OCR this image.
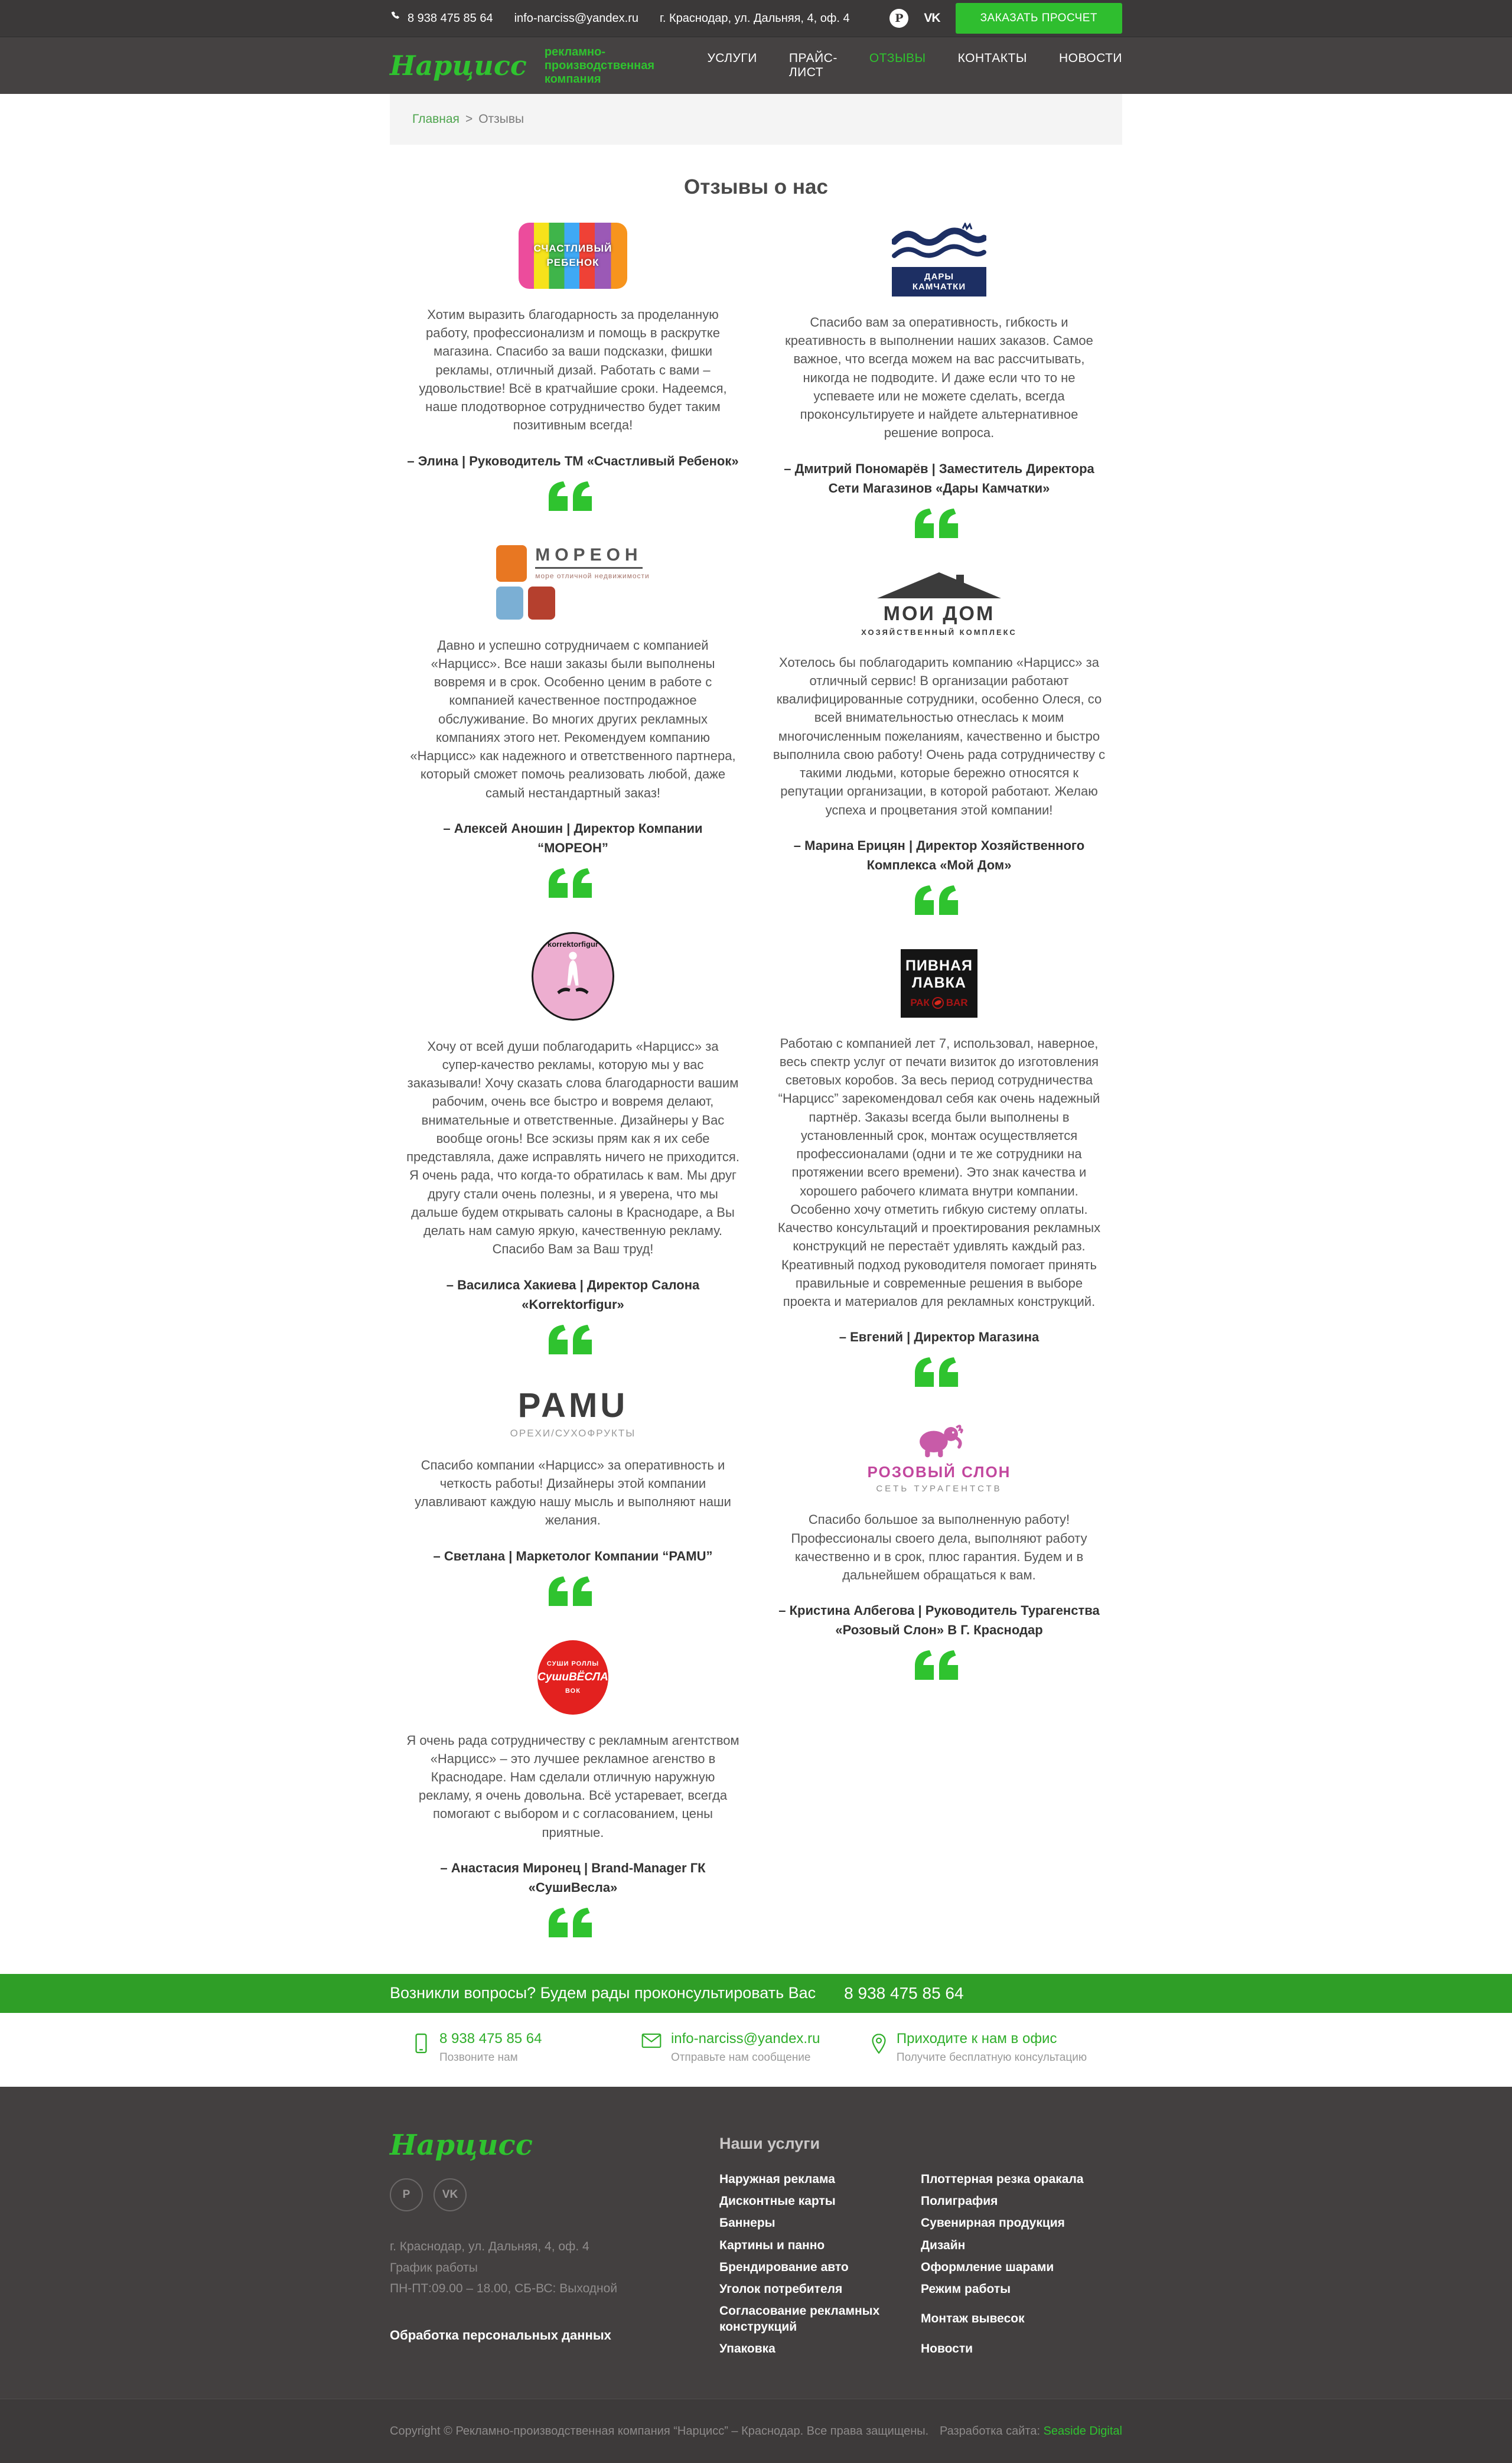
8 938 475 85 64 info-narciss@yandex.ru г. Краснодар, ул. Дальняя, 4, оф. 4	P	VK	ЗАКАЗАТЬ ПРОСЧЕТ
Нарцисс рекламно-производственная компания
УСЛУГИ	ПРАЙС-ЛИСТ
ОТЗЫВЫ	КОНТАКТЫ	НОВОСТИ
Главная > Отзывы
Отзывы о нас
СЧАСТЛИВЫЙ
РЕБЕНОК

Хотим выразить благодарность за проделанную работу, профессионализм и помощь в раскрутке магазина. Спасибо за ваши подсказки, фишки рекламы, отличный дизай. Работать с вами – удовольствие! Всё в кратчайшие сроки. Надеемся, наше плодотворное сотрудничество будет таким позитивным всегда!

– Элина | Руководитель ТМ «Счастливый Ребенок»
МОРЕОН
море отличной недвижимости

Давно и успешно сотрудничаем с компанией «Нарцисс». Все наши заказы были выполнены вовремя и в срок. Особенно ценим в работе с компанией качественное постпродажное обслуживание. Во многих других рекламных компаниях этого нет. Рекомендуем компанию «Нарцисс» как надежного и ответственного партнера, который сможет помочь реализовать любой, даже самый нестандартный заказ!

– Алексей Аношин | Директор Компании “МОРЕОН”
korrektorfigur

Хочу от всей души поблагодарить «Нарцисс» за супер-качество рекламы, которую мы у вас заказывали! Хочу сказать слова благодарности вашим рабочим, очень все быстро и вовремя делают, внимательные и ответственные. Дизайнеры у Вас вообще огонь! Все эскизы прям как я их себе представляла, даже исправлять ничего не приходится. Я очень рада, что когда-то обратилась к вам. Мы друг другу стали очень полезны, и я уверена, что мы дальше будем открывать салоны в Краснодаре, а Вы делать нам самую яркую, качественную рекламу. Спасибо Вам за Ваш труд!

– Василиса Хакиева | Директор Салона «Korrektorfigur»
PAMU
ОРЕХИ/СУХОФРУКТЫ

Спасибо компании «Нарцисс» за оперативность и четкость работы! Дизайнеры этой компании улавливают каждую нашу мысль и выполняют наши желания.

– Светлана | Маркетолог Компании “PAMU”
СУШИ РОЛЛЫ
СушиВЁСЛА
ВОК

Я очень рада сотрудничеству с рекламным агентством «Нарцисс» – это лучшее рекламное агенство в Краснодаре. Нам сделали отличную наружную рекламу, я очень довольна. Всё устаревает, всегда помогают с выбором и с согласованием, цены приятные.

– Анастасия Миронец | Brand-Manager ГК «СушиВесла»
ДАРЫ КАМЧАТКИ

Спасибо вам за оперативность, гибкость и креативность в выполнении наших заказов. Самое важное, что всегда можем на вас рассчитывать, никогда не подводите. И даже если что то не успеваете или не можете сделать, всегда проконсультируете и найдете альтернативное решение вопроса.

– Дмитрий Пономарёв | Заместитель Директора Сети Магазинов «Дары Камчатки»
МОИ ДОМ
ХОЗЯЙСТВЕННЫЙ КОМПЛЕКС

Хотелось бы поблагодарить компанию «Нарцисс» за отличный сервис! В организации работают квалифицированные сотрудники, особенно Олеся, со всей внимательностью отнеслась к моим многочисленным пожеланиям, качественно и быстро выполнила свою работу! Очень рада сотрудничеству с такими людьми, которые бережно относятся к репутации организации, в которой работают. Желаю успеха и процветания этой компании!

– Марина Ерицян | Директор Хозяйственного Комплекса «Мой Дом»
ПИВНАЯ
ЛАВКА
РАК BAR

Работаю с компанией лет 7, использовал, наверное, весь спектр услуг от печати визиток до изготовления световых коробов. За весь период сотрудничества “Нарцисс” зарекомендовал себя как очень надежный партнёр. Заказы всегда были выполнены в установленный срок, монтаж осуществляется профессионалами (одни и те же сотрудники на протяжении всего времени). Это знак качества и хорошего рабочего климата внутри компании. Особенно хочу отметить гибкую систему оплаты. Качество консультаций и проектирования рекламных конструкций не перестаёт удивлять каждый раз. Креативный подход руководителя помогает принять правильные и современные решения в выборе проекта и материалов для рекламных конструкций.

– Евгений | Директор Магазина
РОЗОВЫЙ СЛОН
СЕТЬ ТУРАГЕНТСТВ

Спасибо большое за выполненную работу! Профессионалы своего дела, выполняют работу качественно и в срок, плюс гарантия. Будем и в дальнейшем обращаться к вам.

– Кристина Албегова | Руководитель Турагенства «Розовый Слон» В Г. Краснодар
Возникли вопросы? Будем рады проконсультировать Вас 8 938 475 85 64
8 938 475 85 64
Позвоните нам
info-narciss@yandex.ru
Отправьте нам сообщение
Приходите к нам в офис
Получите бесплатную консультацию
Нарцисс
P	VK
г. Краснодар, ул. Дальняя, 4, оф. 4
График работы
ПН-ПТ:09.00 – 18.00, СБ-ВС: Выходной
Обработка персональных данных
Наши услуги
Наружная реклама
Дисконтные карты
Баннеры
Картины и панно
Брендирование авто
Уголок потребителя
Согласование рекламных конструкций
Упаковка
Плоттерная резка оракала
Полиграфия
Сувенирная продукция
Дизайн
Оформление шарами
Режим работы
Монтаж вывесок
Новости
Copyright © Рекламно-производственная компания “Нарцисс” – Краснодар. Все права защищены. Разработка сайта: Seaside Digital
